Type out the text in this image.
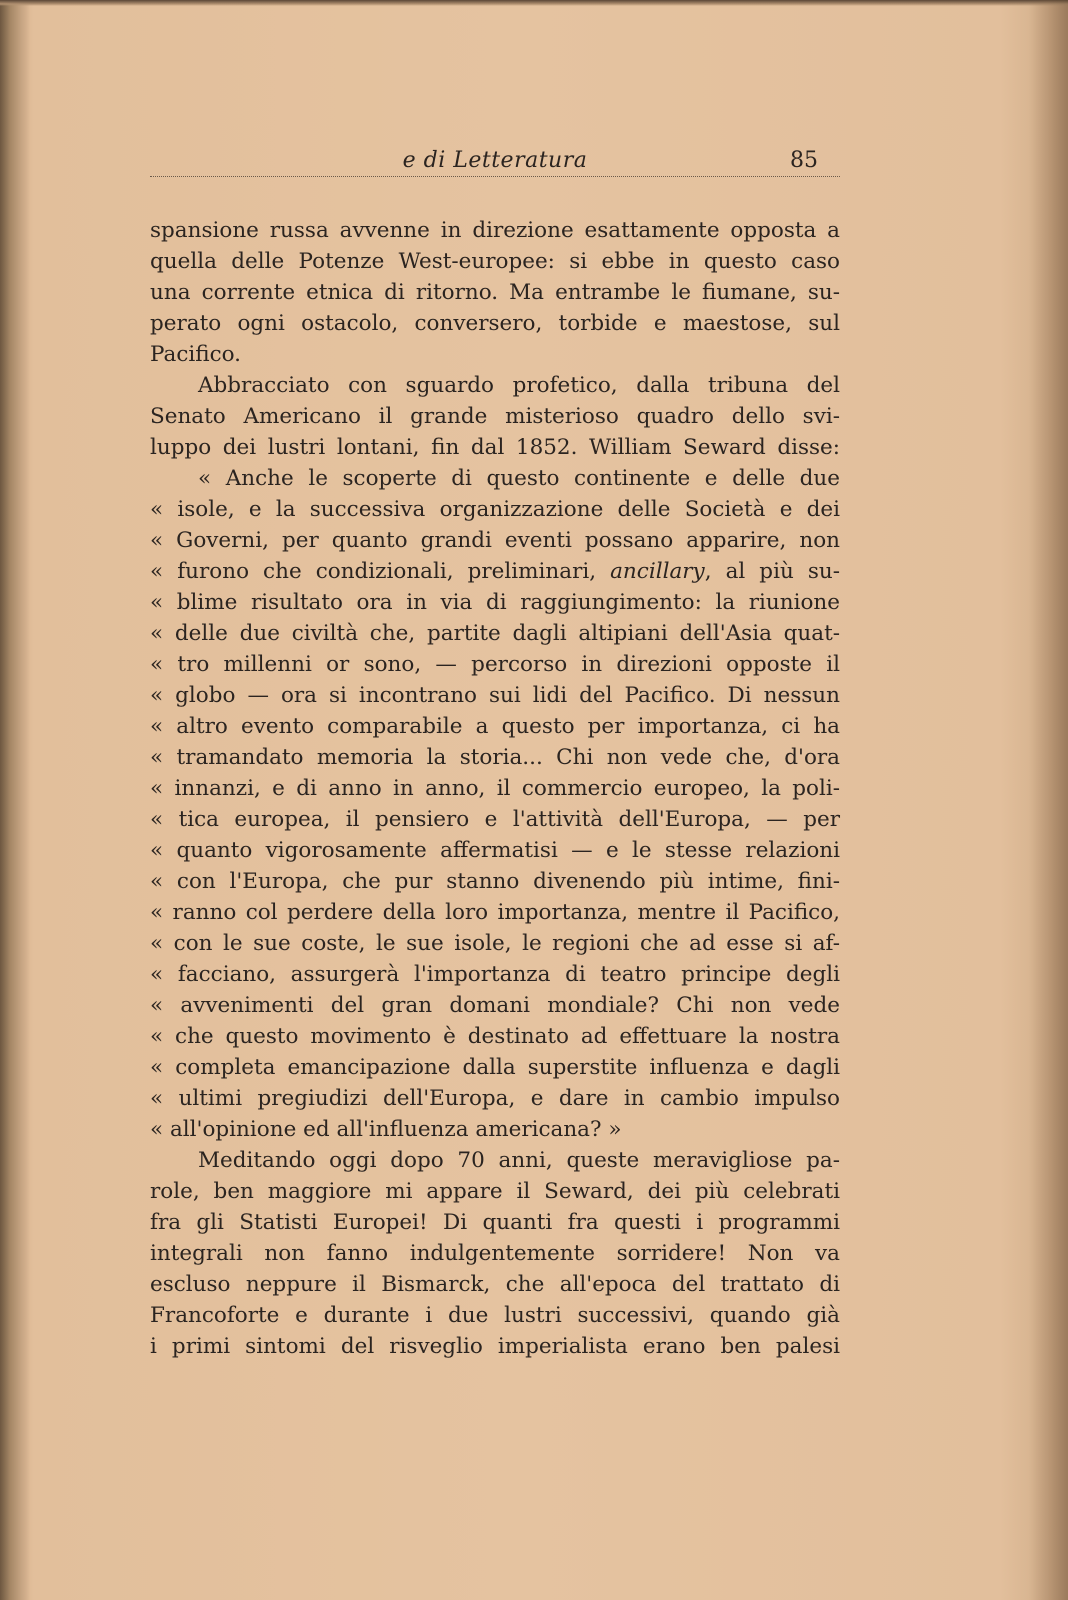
e di Letteratura	85
spansione russa avvenne in direzione esattamente opposta a
quella delle Potenze West-europee: si ebbe in questo caso
una corrente etnica di ritorno. Ma entrambe le fiumane, su-
perato ogni ostacolo, conversero, torbide e maestose, sul
Pacifico.
Abbracciato con sguardo profetico, dalla tribuna del
Senato Americano il grande misterioso quadro dello svi-
luppo dei lustri lontani, fin dal 1852. William Seward disse:
« Anche le scoperte di questo continente e delle due
« isole, e la successiva organizzazione delle Società e dei
« Governi, per quanto grandi eventi possano apparire, non
« furono che condizionali, preliminari, ancillary, al più su-
« blime risultato ora in via di raggiungimento: la riunione
« delle due civiltà che, partite dagli altipiani dell'Asia quat-
« tro millenni or sono, — percorso in direzioni opposte il
« globo — ora si incontrano sui lidi del Pacifico. Di nessun
« altro evento comparabile a questo per importanza, ci ha
« tramandato memoria la storia... Chi non vede che, d'ora
« innanzi, e di anno in anno, il commercio europeo, la poli-
« tica europea, il pensiero e l'attività dell'Europa, — per
« quanto vigorosamente affermatisi — e le stesse relazioni
« con l'Europa, che pur stanno divenendo più intime, fini-
« ranno col perdere della loro importanza, mentre il Pacifico,
« con le sue coste, le sue isole, le regioni che ad esse si af-
« facciano, assurgerà l'importanza di teatro principe degli
« avvenimenti del gran domani mondiale? Chi non vede
« che questo movimento è destinato ad effettuare la nostra
« completa emancipazione dalla superstite influenza e dagli
« ultimi pregiudizi dell'Europa, e dare in cambio impulso
« all'opinione ed all'influenza americana? »
Meditando oggi dopo 70 anni, queste meravigliose pa-
role, ben maggiore mi appare il Seward, dei più celebrati
fra gli Statisti Europei! Di quanti fra questi i programmi
integrali non fanno indulgentemente sorridere! Non va
escluso neppure il Bismarck, che all'epoca del trattato di
Francoforte e durante i due lustri successivi, quando già
i primi sintomi del risveglio imperialista erano ben palesi
